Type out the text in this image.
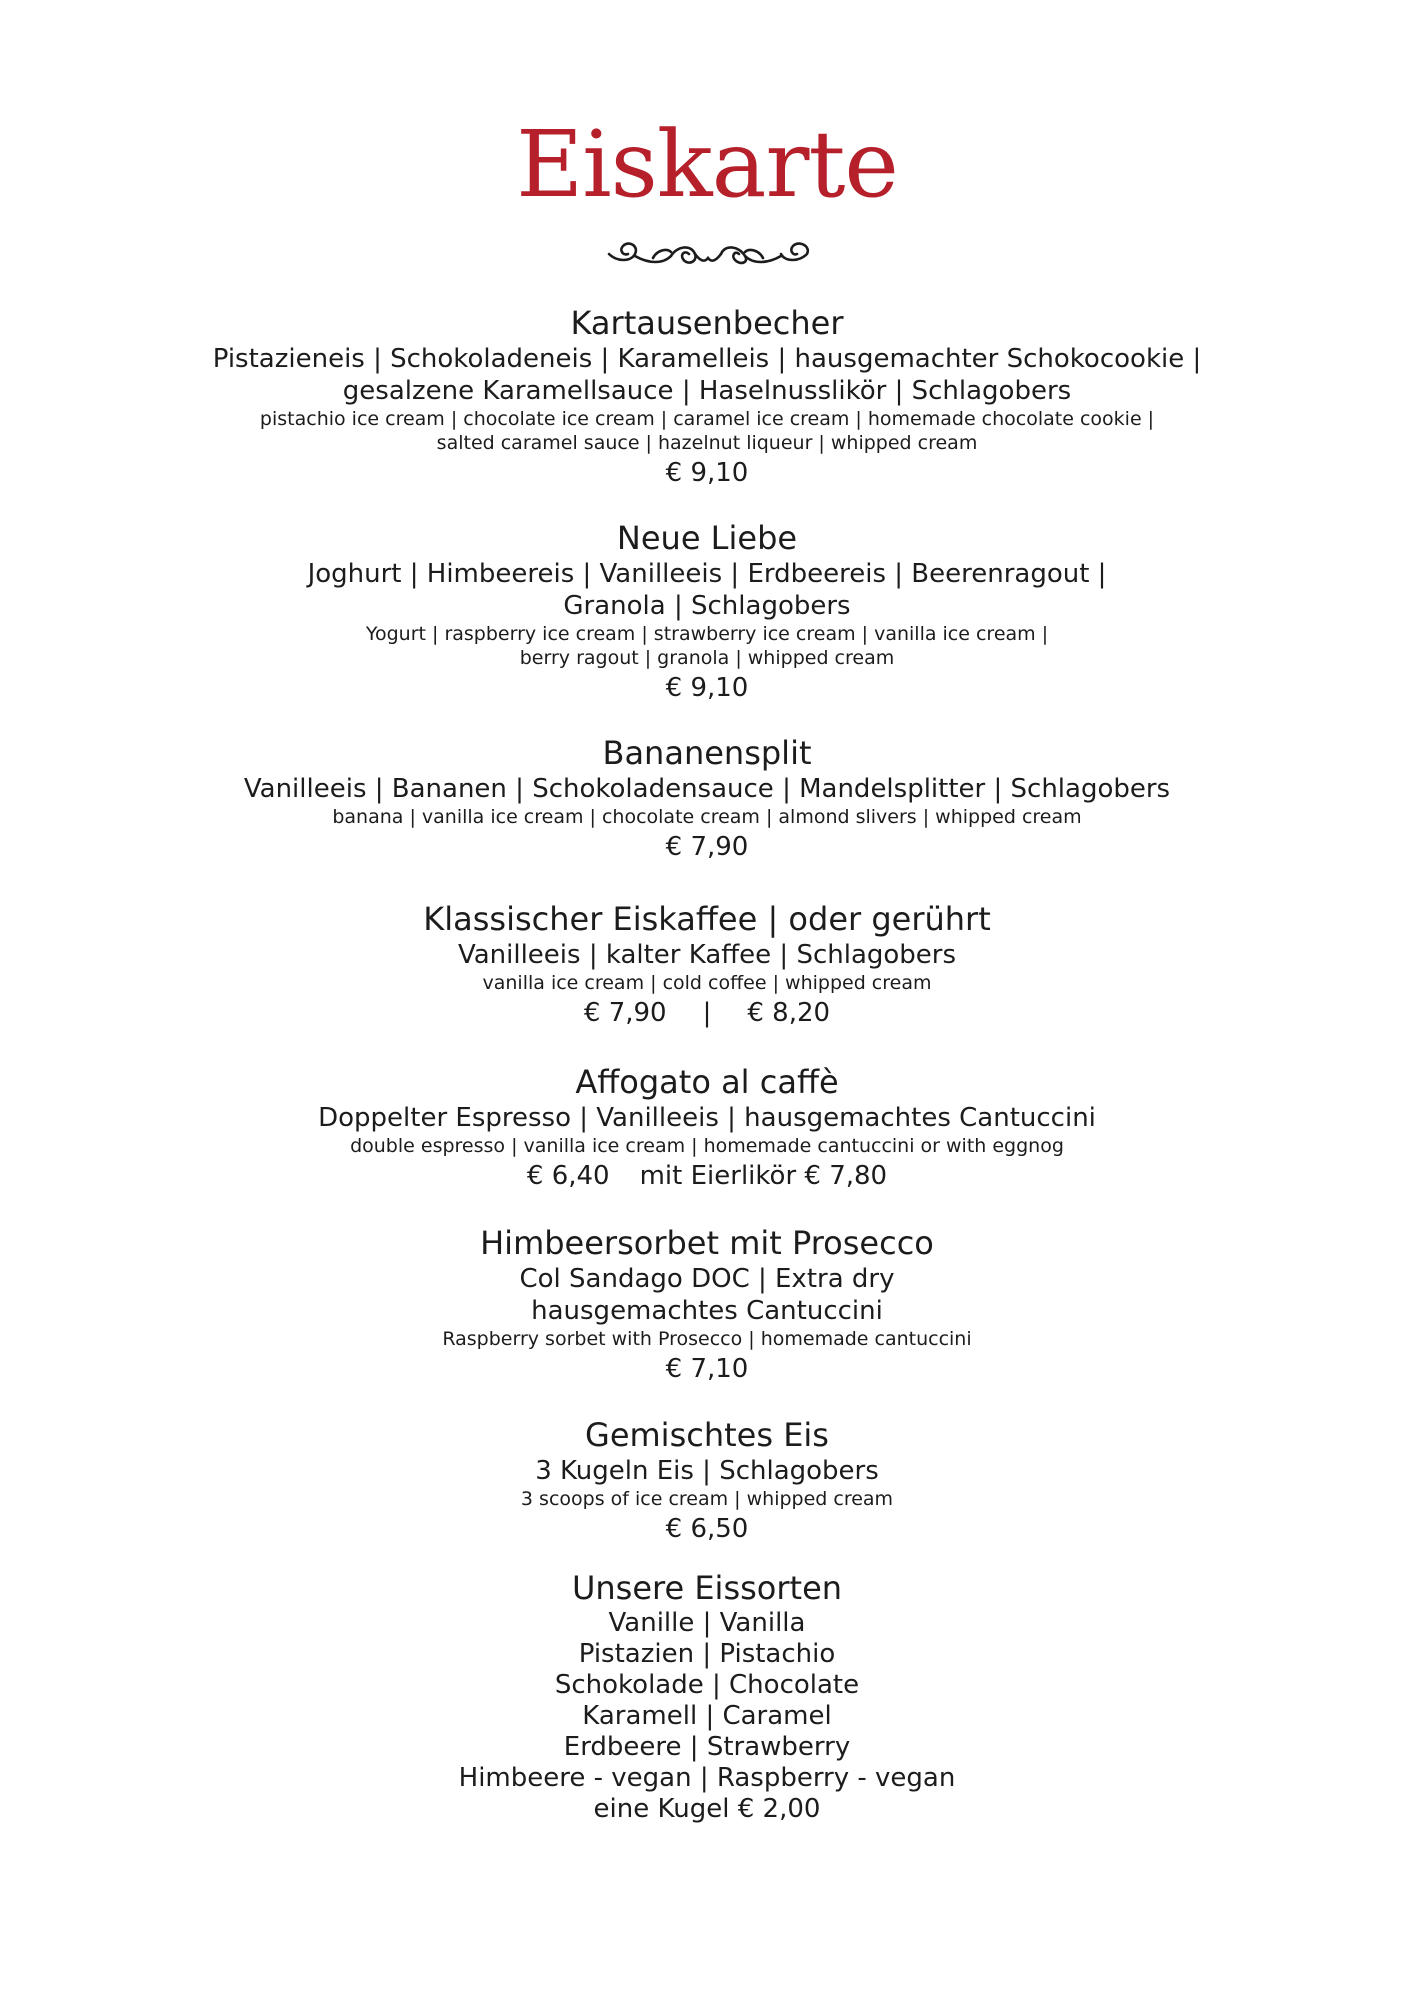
Eiskarte
Kartausenbecher
Pistazieneis | Schokoladeneis | Karamelleis | hausgemachter Schokocookie |
gesalzene Karamellsauce | Haselnusslikör | Schlagobers
pistachio ice cream | chocolate ice cream | caramel ice cream | homemade chocolate cookie |
salted caramel sauce | hazelnut liqueur | whipped cream
€ 9,10
Neue Liebe
Joghurt | Himbeereis | Vanilleeis | Erdbeereis | Beerenragout |
Granola | Schlagobers
Yogurt | raspberry ice cream | strawberry ice cream | vanilla ice cream |
berry ragout | granola | whipped cream
€ 9,10
Bananensplit
Vanilleeis | Bananen | Schokoladensauce | Mandelsplitter | Schlagobers
banana | vanilla ice cream | chocolate cream | almond slivers | whipped cream
€ 7,90
Klassischer Eiskaffee | oder gerührt
Vanilleeis | kalter Kaffee | Schlagobers
vanilla ice cream | cold coffee | whipped cream
€ 7,90 | € 8,20
Affogato al caffè
Doppelter Espresso | Vanilleeis | hausgemachtes Cantuccini
double espresso | vanilla ice cream | homemade cantuccini or with eggnog
€ 6,40 mit Eierlikör € 7,80
Himbeersorbet mit Prosecco
Col Sandago DOC | Extra dry
hausgemachtes Cantuccini
Raspberry sorbet with Prosecco | homemade cantuccini
€ 7,10
Gemischtes Eis
3 Kugeln Eis | Schlagobers
3 scoops of ice cream | whipped cream
€ 6,50
Unsere Eissorten
Vanille | Vanilla
Pistazien | Pistachio
Schokolade | Chocolate
Karamell | Caramel
Erdbeere | Strawberry
Himbeere - vegan | Raspberry - vegan
eine Kugel € 2,00
